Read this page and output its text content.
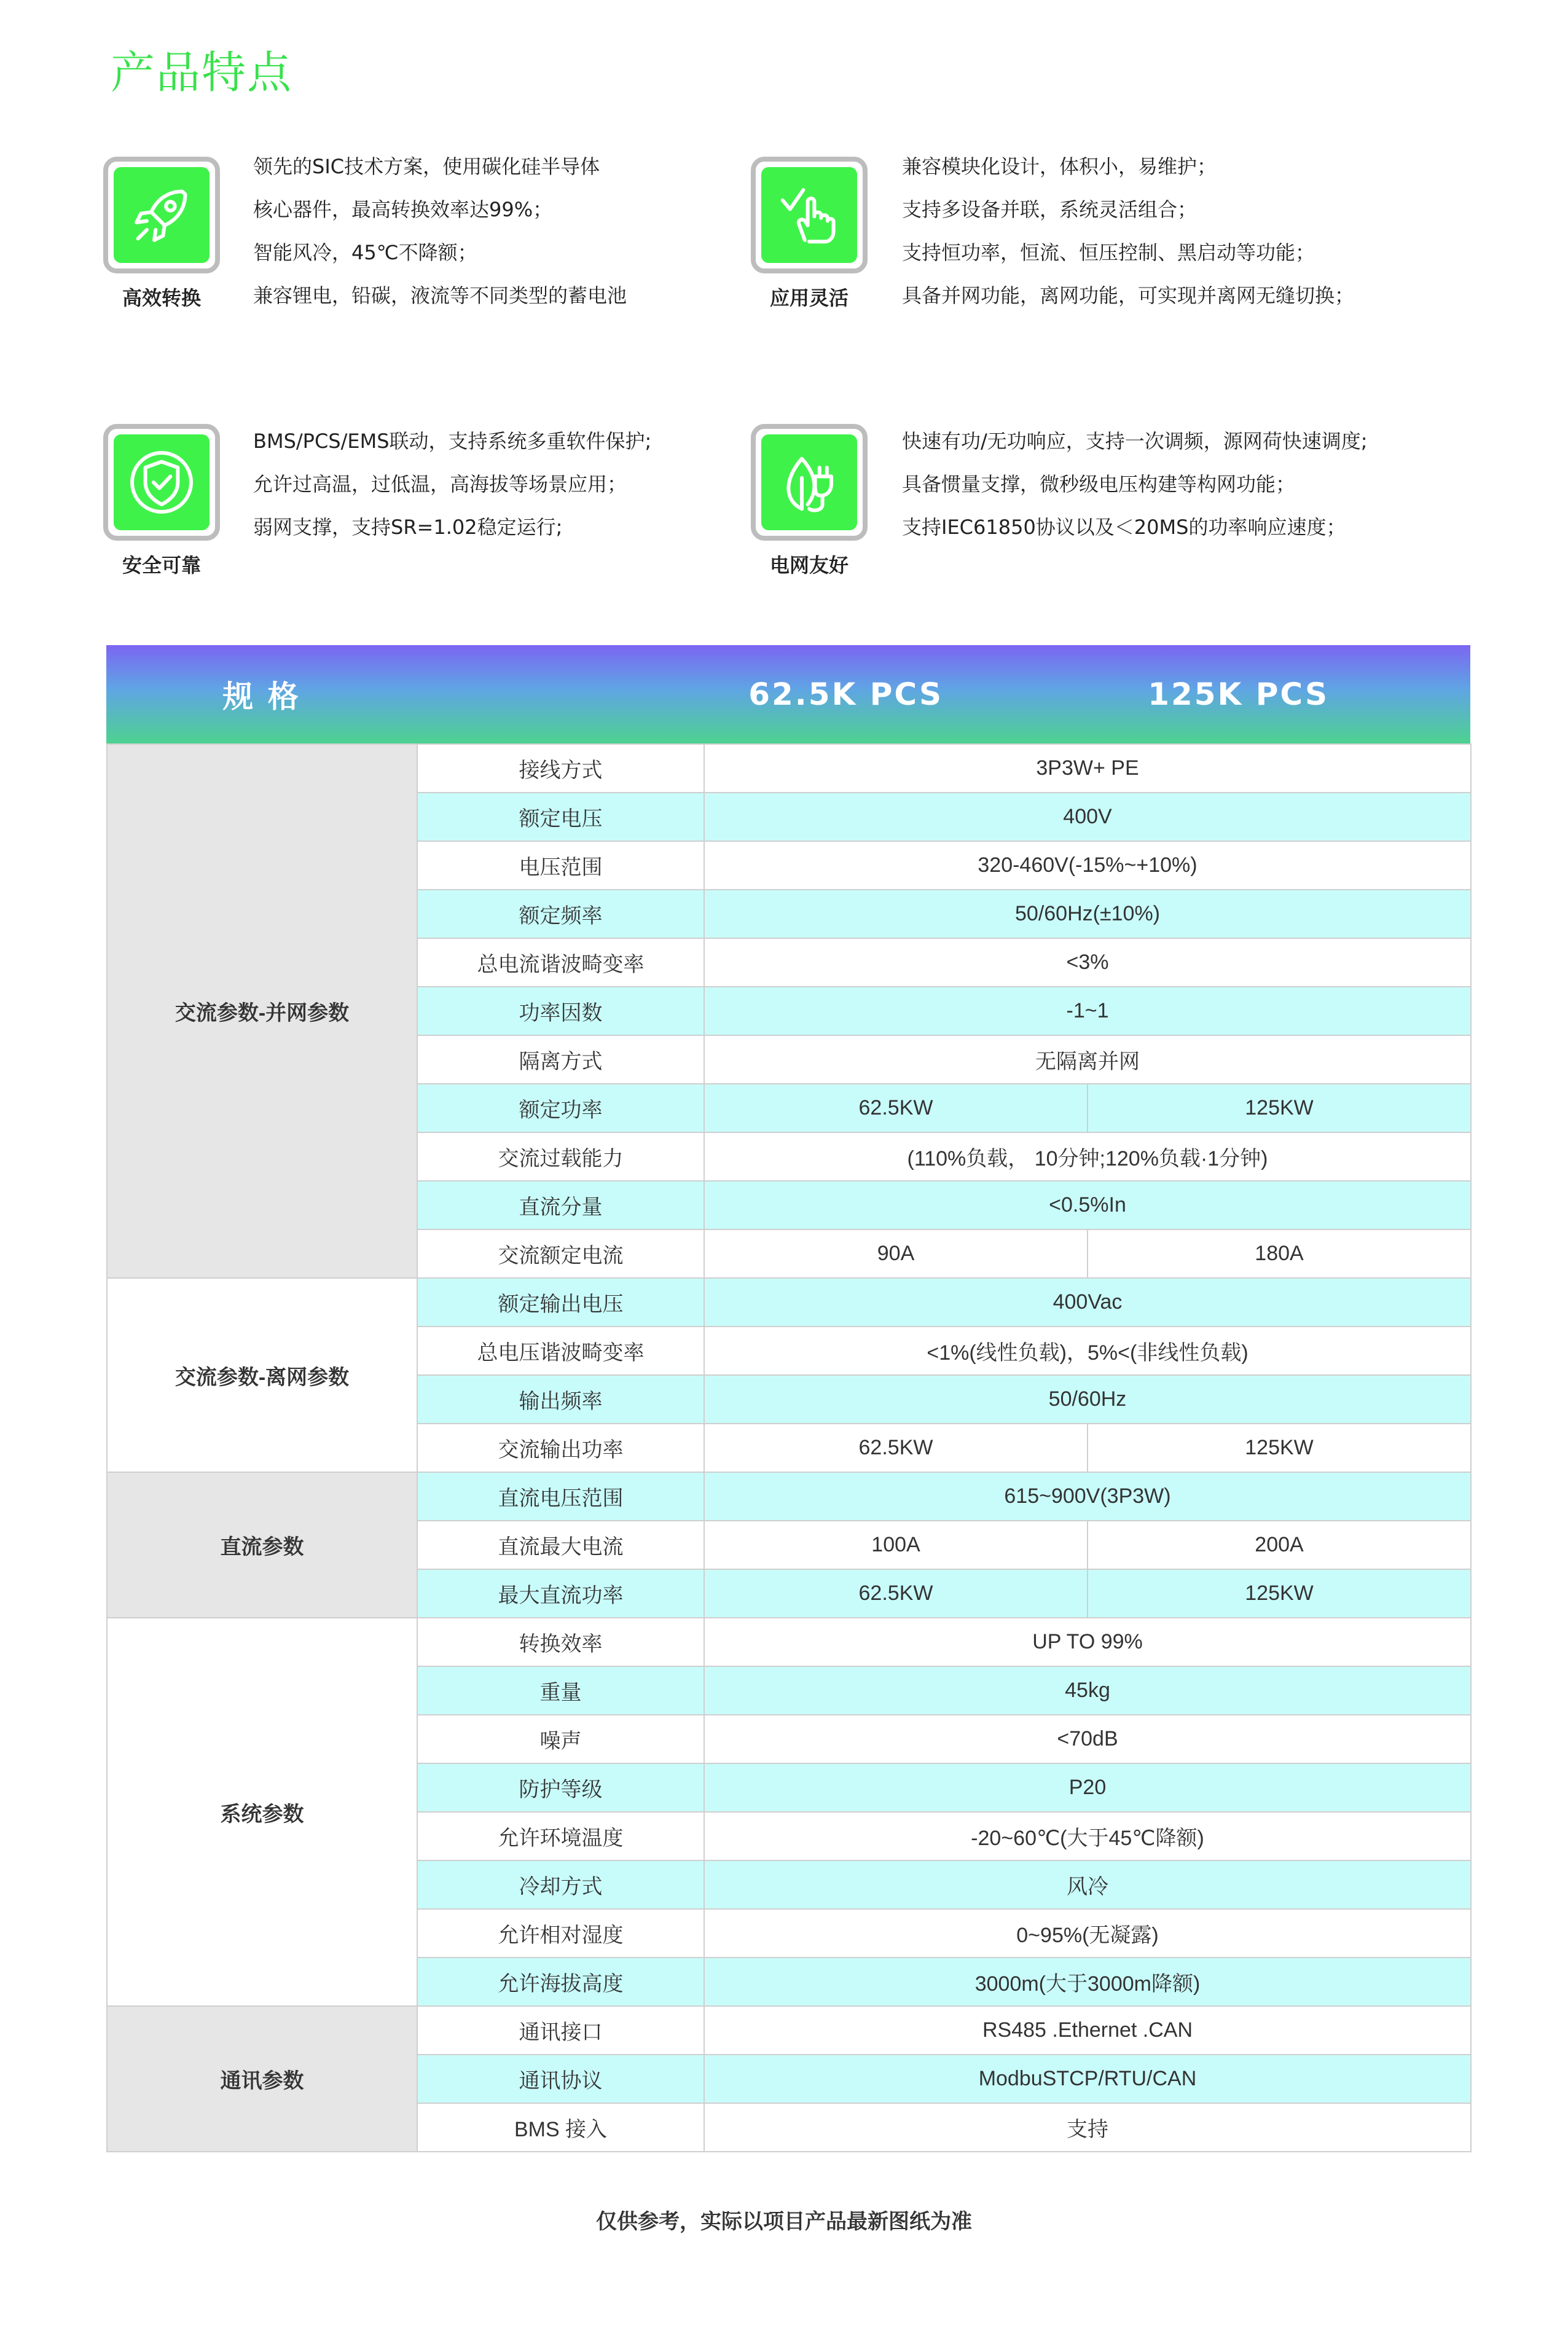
产品特点
高效转换
领先的SIC技术方案，使用碳化硅半导体
核心器件，最高转换效率达99%；
智能风冷，45℃不降额；
兼容锂电，铅碳，液流等不同类型的蓄电池	应用灵活
兼容模块化设计，体积小，易维护；
支持多设备并联，系统灵活组合；
支持恒功率，恒流、恒压控制、黑启动等功能；
具备并网功能，离网功能，可实现并离网无缝切换；
安全可靠
BMS/PCS/EMS联动，支持系统多重软件保护;
允许过高温，过低温，高海拔等场景应用；
弱网支撑，支持SR=1.02稳定运行;
电网友好
快速有功/无功响应，支持一次调频，源网荷快速调度;
具备惯量支撑，微秒级电压构建等构网功能；
支持IEC61850协议以及＜20MS的功率响应速度；
规 格	62.5K PCS	125K PCS
交流参数-并网参数	接线方式	3P3W+ PE	
	额定电压	400V	
	电压范围	320-460V(-15%~+10%)	
	额定频率	50/60Hz(±10%)	
	总电流谐波畸变率	<3%	
	功率因数	-1~1	
	隔离方式	无隔离并网	
	额定功率	62.5KW	125KW
	交流过载能力	(110%负载， 10分钟;120%负载·1分钟)	
	直流分量	<0.5%In	
	交流额定电流	90A	180A
交流参数-离网参数	额定输出电压	400Vac	
	总电压谐波畸变率	<1%(线性负载)，5%<(非线性负载)	
	输出频率	50/60Hz	
	交流输出功率	62.5KW	125KW
直流参数	直流电压范围	615~900V(3P3W)	
	直流最大电流	100A	200A
	最大直流功率	62.5KW	125KW
系统参数	转换效率	UP TO 99%	
	重量	45kg	
	噪声	<70dB	
	防护等级	P20	
	允许环境温度	-20~60℃(大于45℃降额)	
	冷却方式	风冷	
	允许相对湿度	0~95%(无凝露)	
	允许海拔高度	3000m(大于3000m降额)	
通讯参数	通讯接口	RS485 .Ethernet .CAN	
	通讯协议	ModbuSTCP/RTU/CAN	
	BMS 接入	支持	
仅供参考，实际以项目产品最新图纸为准
